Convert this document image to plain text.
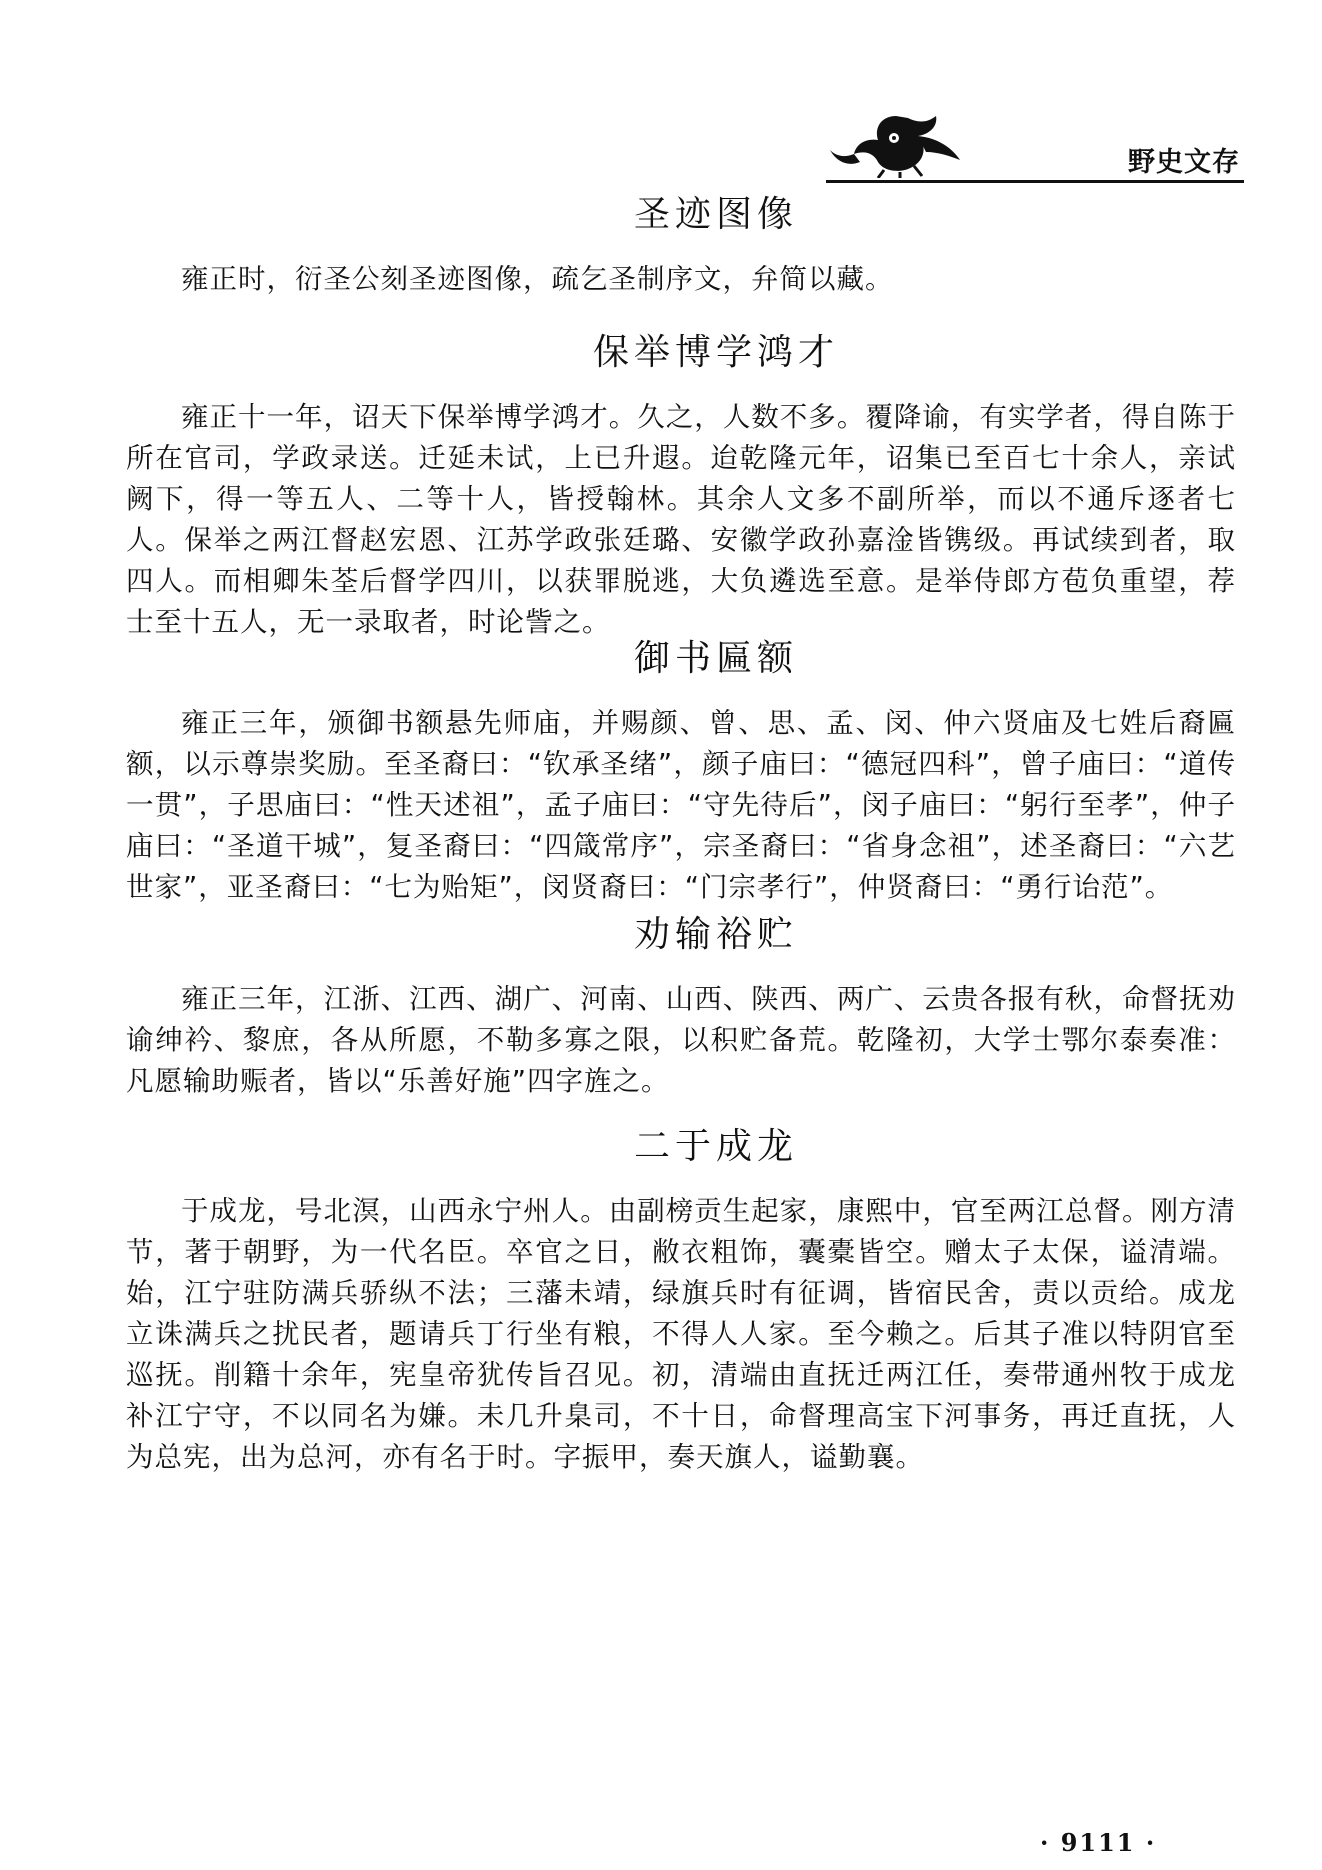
野史文存
圣迹图像

雍正时，衍圣公刻圣迹图像，疏乞圣制序文，弁简以藏。

保举博学鸿才

雍正十一年，诏天下保举博学鸿才。久之，人数不多。覆降谕，有实学者，得自陈于所在官司，学政录送。迁延未试，上已升遐。迨乾隆元年，诏集已至百七十余人，亲试阙下，得一等五人、二等十人，皆授翰林。其余人文多不副所举，而以不通斥逐者七人。保举之两江督赵宏恩、江苏学政张廷璐、安徽学政孙嘉淦皆镌级。再试续到者，取四人。而相卿朱荃后督学四川，以获罪脱逃，大负遴选至意。是举侍郎方苞负重望，荐士至十五人，无一录取者，时论訾之。

御书匾额

雍正三年，颁御书额悬先师庙，并赐颜、曾、思、孟、闵、仲六贤庙及七姓后裔匾额，以示尊崇奖励。至圣裔曰：“钦承圣绪”，颜子庙曰：“德冠四科”，曾子庙曰：“道传一贯”，子思庙曰：“性天述祖”，孟子庙曰：“守先待后”，闵子庙曰：“躬行至孝”，仲子庙曰：“圣道干城”，复圣裔曰：“四箴常序”，宗圣裔曰：“省身念祖”，述圣裔曰：“六艺世家”，亚圣裔曰：“七为贻矩”，闵贤裔曰：“门宗孝行”，仲贤裔曰：“勇行诒范”。

劝输裕贮

雍正三年，江浙、江西、湖广、河南、山西、陕西、两广、云贵各报有秋，命督抚劝谕绅衿、黎庶，各从所愿，不勒多寡之限，以积贮备荒。乾隆初，大学士鄂尔泰奏准：凡愿输助赈者，皆以“乐善好施”四字旌之。

二于成龙

于成龙，号北溟，山西永宁州人。由副榜贡生起家，康熙中，官至两江总督。刚方清节，著于朝野，为一代名臣。卒官之日，敝衣粗饰，囊橐皆空。赠太子太保，谥清端。始，江宁驻防满兵骄纵不法；三藩未靖，绿旗兵时有征调，皆宿民舍，责以贡给。成龙立诛满兵之扰民者，题请兵丁行坐有粮，不得人人家。至今赖之。后其子准以特阴官至巡抚。削籍十余年，宪皇帝犹传旨召见。初，清端由直抚迁两江任，奏带通州牧于成龙补江宁守，不以同名为嫌。未几升臬司，不十日，命督理高宝下河事务，再迁直抚，人为总宪，出为总河，亦有名于时。字振甲，奏天旗人，谥勤襄。

· 9111 ·
